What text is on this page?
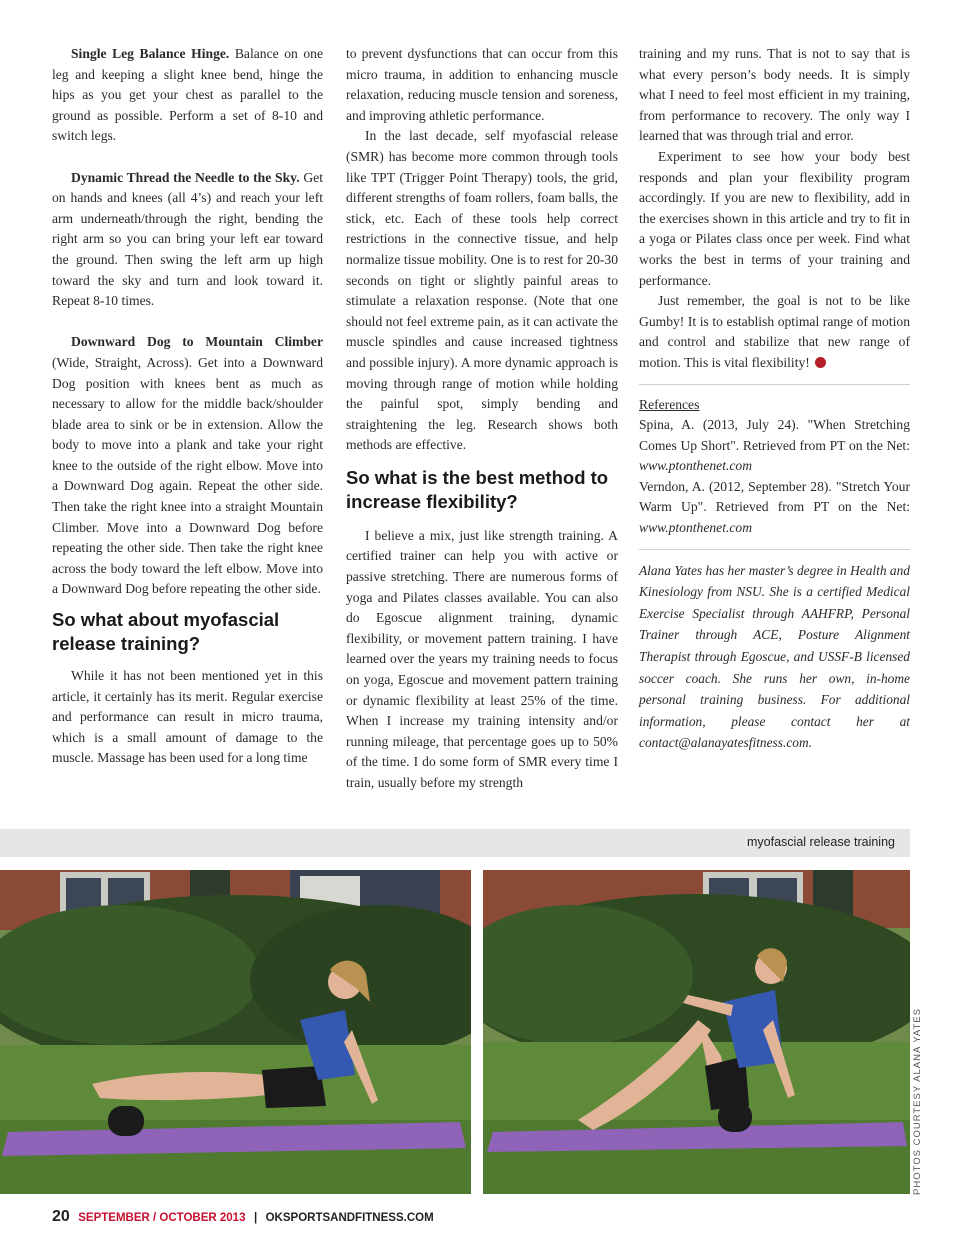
Single Leg Balance Hinge. Balance on one leg and keeping a slight knee bend, hinge the hips as you get your chest as parallel to the ground as possible. Perform a set of 8-10 and switch legs.

Dynamic Thread the Needle to the Sky. Get on hands and knees (all 4’s) and reach your left arm underneath/through the right, bending the right arm so you can bring your left ear toward the ground. Then swing the left arm up high toward the sky and turn and look toward it. Repeat 8-10 times.

Downward Dog to Mountain Climber (Wide, Straight, Across). Get into a Downward Dog position with knees bent as much as necessary to allow for the middle back/shoulder blade area to sink or be in extension. Allow the body to move into a plank and take your right knee to the outside of the right elbow. Move into a Downward Dog again. Repeat the other side. Then take the right knee into a straight Mountain Climber. Move into a Downward Dog before repeating the other side. Then take the right knee across the body toward the left elbow. Move into a Downward Dog before repeating the other side.

So what about myofascial release training?

While it has not been mentioned yet in this article, it certainly has its merit. Regular exercise and performance can result in micro trauma, which is a small amount of damage to the muscle. Massage has been used for a long time

to prevent dysfunctions that can occur from this micro trauma, in addition to enhancing muscle relaxation, reducing muscle tension and soreness, and improving athletic performance.

In the last decade, self myofascial release (SMR) has become more common through tools like TPT (Trigger Point Therapy) tools, the grid, different strengths of foam rollers, foam balls, the stick, etc. Each of these tools help correct restrictions in the connective tissue, and help normalize tissue mobility. One is to rest for 20-30 seconds on tight or slightly painful areas to stimulate a relaxation response. (Note that one should not feel extreme pain, as it can activate the muscle spindles and cause increased tightness and possible injury). A more dynamic approach is moving through range of motion while holding the painful spot, simply bending and straightening the leg. Research shows both methods are effective.

So what is the best method to increase flexibility?

I believe a mix, just like strength training. A certified trainer can help you with active or passive stretching. There are numerous forms of yoga and Pilates classes available. You can also do Egoscue alignment training, dynamic flexibility, or movement pattern training. I have learned over the years my training needs to focus on yoga, Egoscue and movement pattern training or dynamic flexibility at least 25% of the time. When I increase my training intensity and/or running mileage, that percentage goes up to 50% of the time. I do some form of SMR every time I train, usually before my strength

training and my runs. That is not to say that is what every person’s body needs. It is simply what I need to feel most efficient in my training, from performance to recovery. The only way I learned that was through trial and error.

Experiment to see how your body best responds and plan your flexibility program accordingly. If you are new to flexibility, add in the exercises shown in this article and try to fit in a yoga or Pilates class once per week. Find what works the best in terms of your training and performance.

Just remember, the goal is not to be like Gumby! It is to establish optimal range of motion and control and stabilize that new range of motion. This is vital flexibility!

References

Spina, A. (2013, July 24). "When Stretching Comes Up Short". Retrieved from PT on the Net: www.ptonthenet.com

Verndon, A. (2012, September 28). "Stretch Your Warm Up". Retrieved from PT on the Net: www.ptonthenet.com

Alana Yates has her master’s degree in Health and Kinesiology from NSU. She is a certified Medical Exercise Specialist through AAHFRP, Personal Trainer through ACE, Posture Alignment Therapist through Egoscue, and USSF-B licensed soccer coach. She runs her own, in-home personal training business. For additional information, please contact her at contact@alanayatesfitness.com.

myofascial release training
PHOTOS COURTESY ALANA YATES
20 SEPTEMBER / OCTOBER 2013 | OKSPORTSANDFITNESS.COM
